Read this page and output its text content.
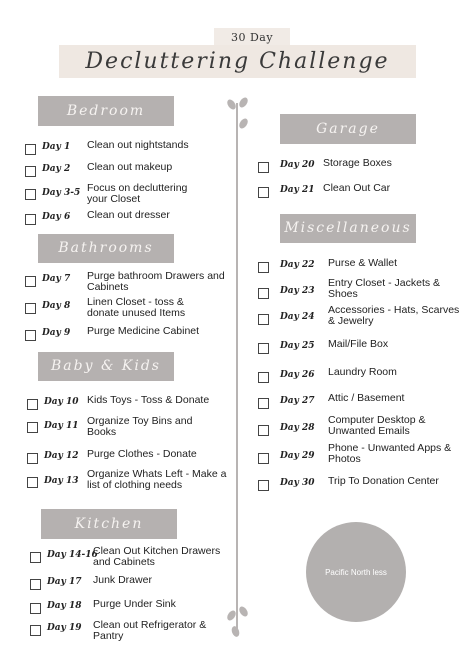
30 Day
Decluttering Challenge
Bedroom
Bathrooms
Baby & Kids
Kitchen
Garage
Miscellaneous
Day 1 Clean out nightstands
Day 2 Clean out makeup
Day 3-5 Focus on decluttering your Closet
Day 6 Clean out dresser
Day 7 Purge bathroom Drawers and Cabinets
Day 8 Linen Closet - toss & donate unused Items
Day 9 Purge Medicine Cabinet
Day 10 Kids Toys - Toss & Donate
Day 11 Organize Toy Bins and Books
Day 12 Purge Clothes - Donate
Day 13
Organize Whats Left - Make a list of clothing needs
Day 14-16
Clean Out Kitchen Drawers and Cabinets
Day 17 Junk Drawer
Day 18 Purge Under Sink
Day 19 Clean out Refrigerator & Pantry
Day 20 Storage Boxes
Day 21 Clean Out Car
Day 22 Purse & Wallet
Day 23
Entry Closet - Jackets & Shoes
Day 24
Accessories - Hats, Scarves & Jewelry
Day 25 Mail/File Box
Day 26 Laundry Room
Day 27 Attic / Basement
Day 28
Computer Desktop & Unwanted Emails
Day 29
Phone - Unwanted Apps & Photos
Day 30 Trip To Donation Center
Pacific North less
